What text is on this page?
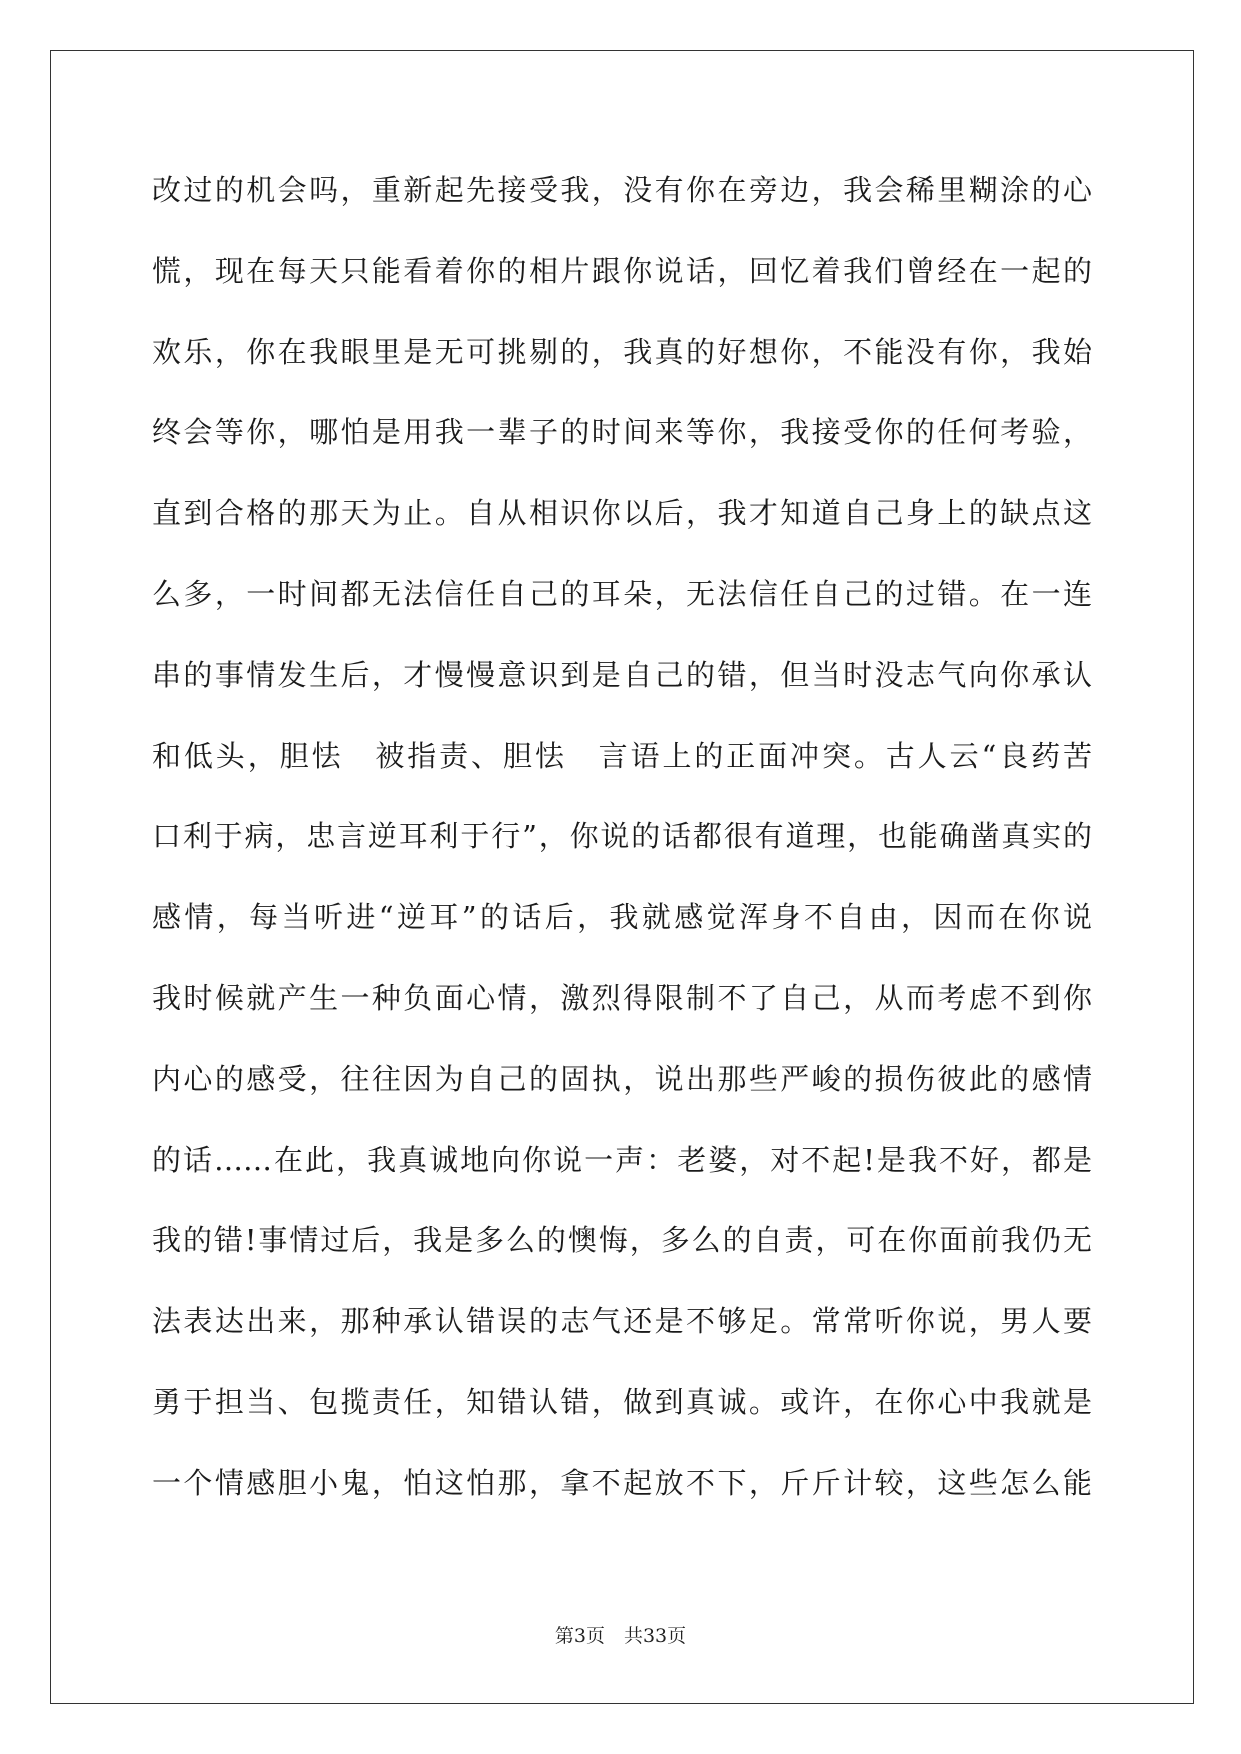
改过的机会吗，重新起先接受我，没有你在旁边，我会稀里糊涂的心
慌，现在每天只能看着你的相片跟你说话，回忆着我们曾经在一起的
欢乐，你在我眼里是无可挑剔的，我真的好想你，不能没有你，我始
终会等你，哪怕是用我一辈子的时间来等你，我接受你的任何考验，
直到合格的那天为止。自从相识你以后，我才知道自己身上的缺点这
么多，一时间都无法信任自己的耳朵，无法信任自己的过错。在一连
串的事情发生后，才慢慢意识到是自己的错，但当时没志气向你承认
和低头，胆怯　被指责、胆怯　言语上的正面冲突。古人云“良药苦
口利于病，忠言逆耳利于行”，你说的话都很有道理，也能确凿真实的
感情，每当听进“逆耳”的话后，我就感觉浑身不自由，因而在你说
我时候就产生一种负面心情，激烈得限制不了自己，从而考虑不到你
内心的感受，往往因为自己的固执，说出那些严峻的损伤彼此的感情
的话……在此，我真诚地向你说一声：老婆，对不起!是我不好，都是
我的错!事情过后，我是多么的懊悔，多么的自责，可在你面前我仍无
法表达出来，那种承认错误的志气还是不够足。常常听你说，男人要
勇于担当、包揽责任，知错认错，做到真诚。或许，在你心中我就是
一个情感胆小鬼，怕这怕那，拿不起放不下，斤斤计较，这些怎么能
第3页　共33页
